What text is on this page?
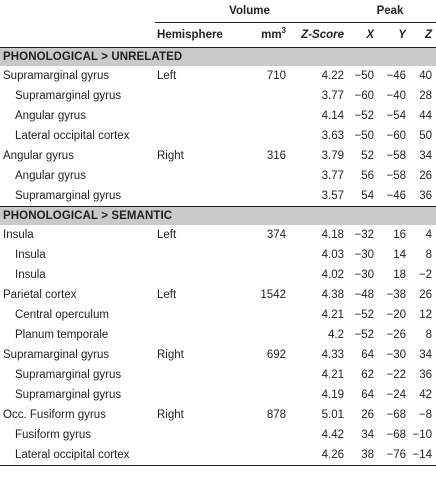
	Volume			Peak		
	Hemisphere	$mm^3$	Z-Score	X	Y	Z
PHONOLOGICAL > UNRELATED						
Supramarginal gyrus	Left	710	4.22	−50	−46	40
Supramarginal gyrus			3.77	−60	−40	28
Angular gyrus			4.14	−52	−54	44
Lateral occipital cortex			3.63	−50	−60	50
Angular gyrus	Right	316	3.79	52	−58	34
Angular gyrus			3.77	56	−58	26
Supramarginal gyrus			3.57	54	−46	36
PHONOLOGICAL > SEMANTIC						
Insula	Left	374	4.18	−32	16	4
Insula			4.03	−30	14	8
Insula			4.02	−30	18	−2
Parietal cortex	Left	1542	4.38	−48	−38	26
Central operculum			4.21	−52	−20	12
Planum temporale			4.2	−52	−26	8
Supramarginal gyrus	Right	692	4.33	64	−30	34
Supramarginal gyrus			4.21	62	−22	36
Supramarginal gyrus			4.19	64	−24	42
Occ. Fusiform gyrus	Right	878	5.01	26	−68	−8
Fusiform gyrus			4.42	34	−68	−10
Lateral occipital cortex			4.26	38	−76	−14
